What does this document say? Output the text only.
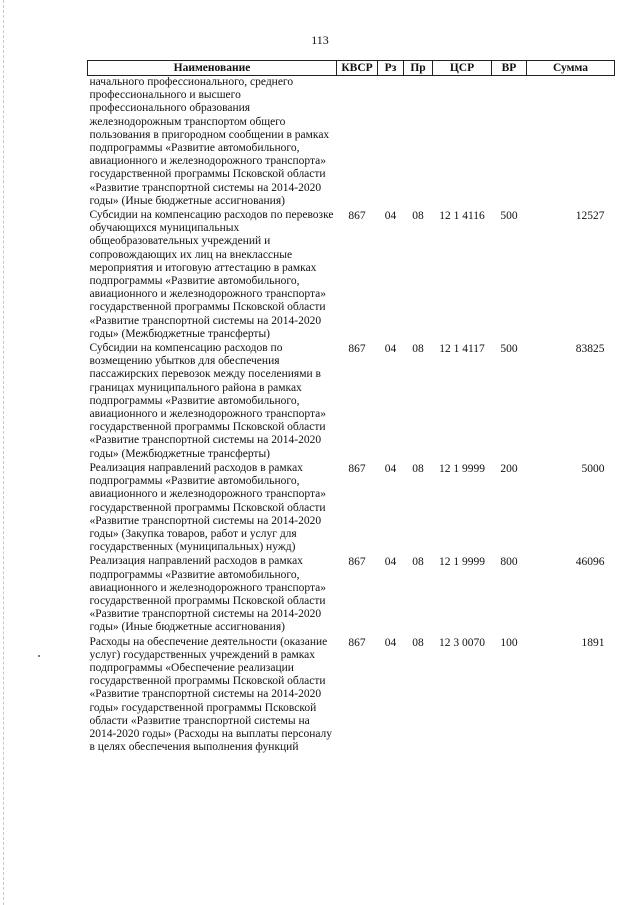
113
Наименование	КВСР	Рз	Пр	ЦСР	ВР	Сумма
начального профессионального, среднего профессионального и высшего профессионального образования железнодорожным транспортом общего пользования в пригородном сообщении в рамках подпрограммы «Развитие автомобильного, авиационного и железнодорожного транспорта» государственной программы Псковской области «Развитие транспортной системы на 2014-2020 годы» (Иные бюджетные ассигнования)						
Субсидии на компенсацию расходов по перевозке обучающихся муниципальных общеобразовательных учреждений и сопровождающих их лиц на внеклассные мероприятия и итоговую аттестацию в рамках подпрограммы «Развитие автомобильного, авиационного и железнодорожного транспорта» государственной программы Псковской области «Развитие транспортной системы на 2014-2020 годы» (Межбюджетные трансферты)	867	04	08	12 1 4116	500	12527
Субсидии на компенсацию расходов по возмещению убытков для обеспечения пассажирских перевозок между поселениями в границах муниципального района в рамках подпрограммы «Развитие автомобильного, авиационного и железнодорожного транспорта» государственной программы Псковской области «Развитие транспортной системы на 2014-2020 годы» (Межбюджетные трансферты)	867	04	08	12 1 4117	500	83825
Реализация направлений расходов в рамках подпрограммы «Развитие автомобильного, авиационного и железнодорожного транспорта» государственной программы Псковской области «Развитие транспортной системы на 2014-2020 годы» (Закупка товаров, работ и услуг для государственных (муниципальных) нужд)	867	04	08	12 1 9999	200	5000
Реализация направлений расходов в рамках подпрограммы «Развитие автомобильного, авиационного и железнодорожного транспорта» государственной программы Псковской области «Развитие транспортной системы на 2014-2020 годы» (Иные бюджетные ассигнования)	867	04	08	12 1 9999	800	46096
Расходы на обеспечение деятельности (оказание услуг) государственных учреждений в рамках подпрограммы «Обеспечение реализации государственной программы Псковской области «Развитие транспортной системы на 2014-2020 годы» государственной программы Псковской области «Развитие транспортной системы на 2014-2020 годы» (Расходы на выплаты персоналу в целях обеспечения выполнения функций	867	04	08	12 3 0070	100	1891
